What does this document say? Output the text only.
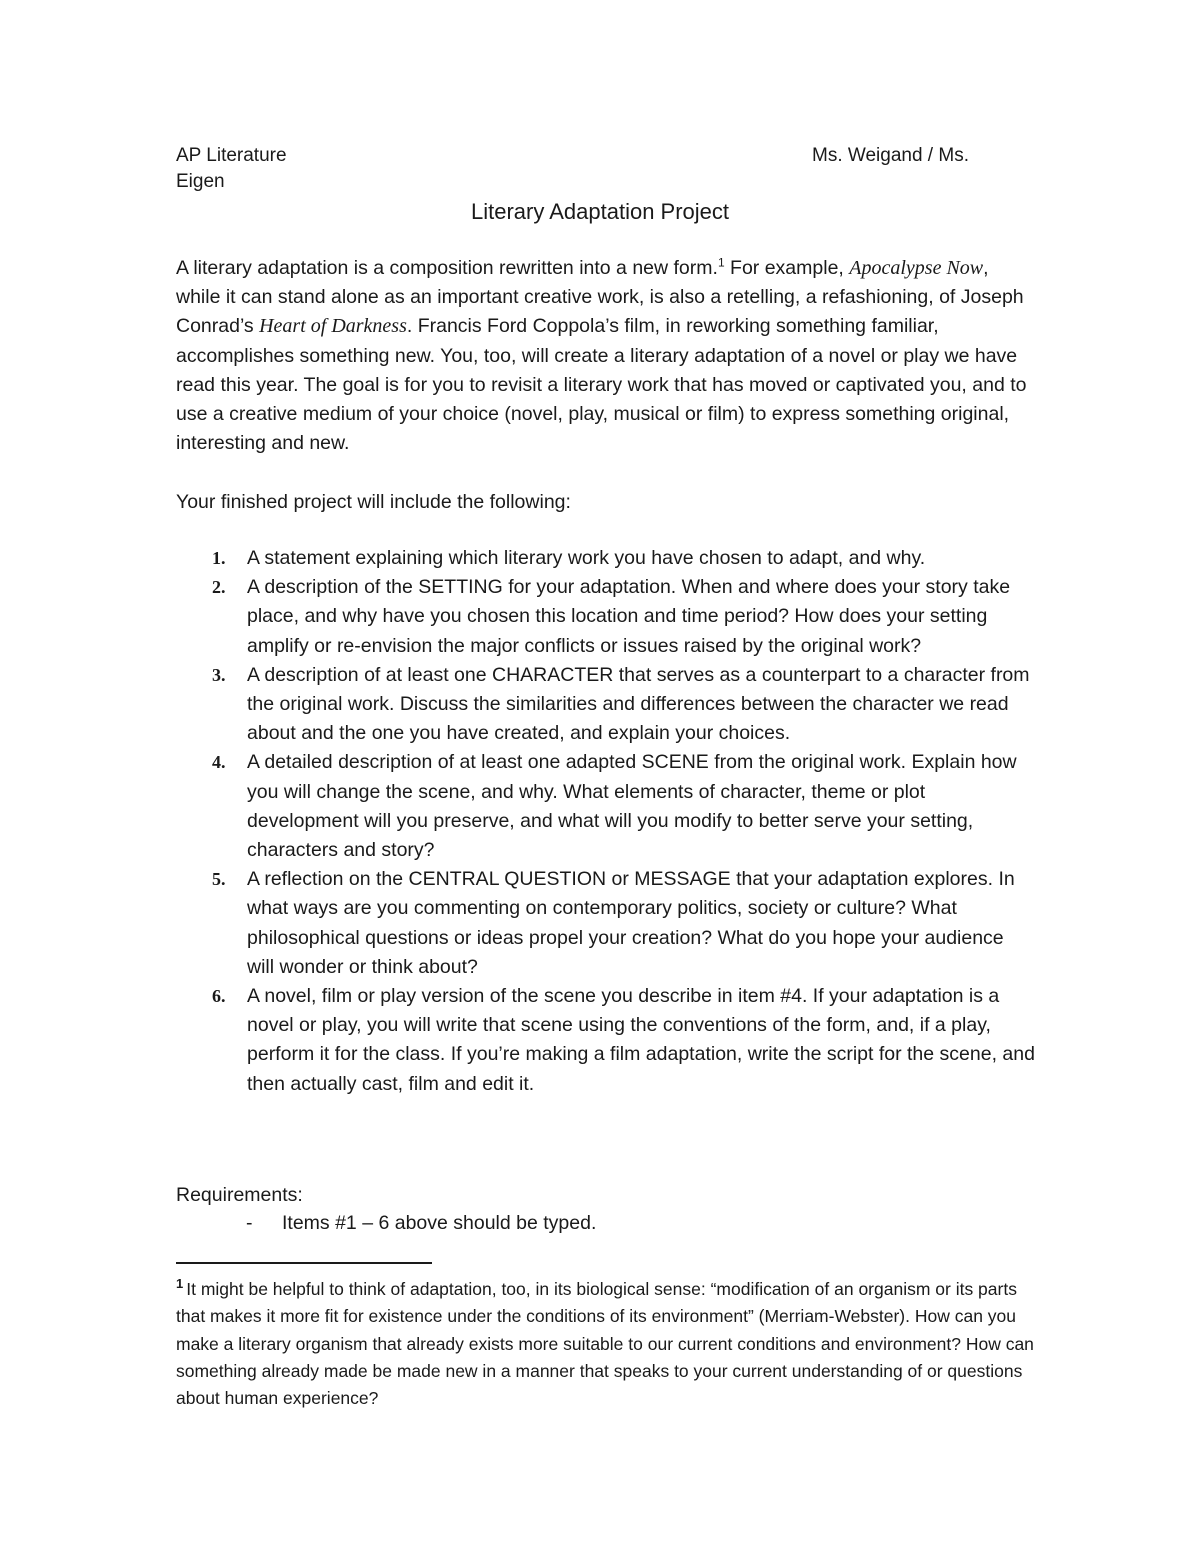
AP Literature	Ms. Weigand / Ms.
Eigen
Literary Adaptation Project
A literary adaptation is a composition rewritten into a new form.$^1$ For example, Apocalypse Now, while it can stand alone as an important creative work, is also a retelling, a refashioning, of Joseph Conrad’s Heart of Darkness. Francis Ford Coppola’s film, in reworking something familiar, accomplishes something new. You, too, will create a literary adaptation of a novel or play we have read this year. The goal is for you to revisit a literary work that has moved or captivated you, and to use a creative medium of your choice (novel, play, musical or film) to express something original, interesting and new.
Your finished project will include the following:
1. A statement explaining which literary work you have chosen to adapt, and why.
2. A description of the SETTING for your adaptation. When and where does your story take place, and why have you chosen this location and time period? How does your setting amplify or re-envision the major conflicts or issues raised by the original work?
3. A description of at least one CHARACTER that serves as a counterpart to a character from the original work. Discuss the similarities and differences between the character we read about and the one you have created, and explain your choices.
4. A detailed description of at least one adapted SCENE from the original work. Explain how you will change the scene, and why. What elements of character, theme or plot development will you preserve, and what will you modify to better serve your setting, characters and story?
5. A reflection on the CENTRAL QUESTION or MESSAGE that your adaptation explores. In what ways are you commenting on contemporary politics, society or culture? What philosophical questions or ideas propel your creation? What do you hope your audience will wonder or think about?
6. A novel, film or play version of the scene you describe in item #4. If your adaptation is a novel or play, you will write that scene using the conventions of the form, and, if a play, perform it for the class. If you’re making a film adaptation, write the script for the scene, and then actually cast, film and edit it.
Requirements:
- Items #1 – 6 above should be typed.
$^1$ It might be helpful to think of adaptation, too, in its biological sense: “modification of an organism or its parts that makes it more fit for existence under the conditions of its environment” (Merriam-Webster). How can you make a literary organism that already exists more suitable to our current conditions and environment? How can something already made be made new in a manner that speaks to your current understanding of or questions about human experience?
